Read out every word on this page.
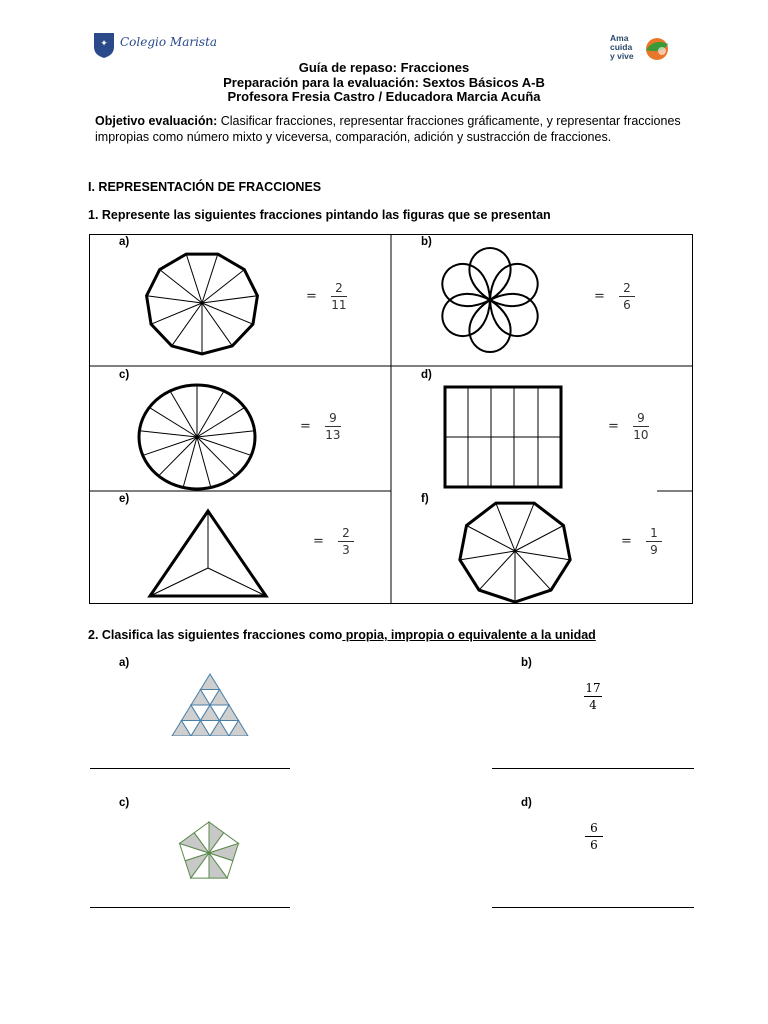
✦ Colegio Marista	Ama
cuida
y vive
Guía de repaso: Fracciones
Preparación para la evaluación: Sextos Básicos A-B
Profesora Fresia Castro / Educadora Marcia Acuña
Objetivo evaluación: Clasificar fracciones, representar fracciones gráficamente, y representar fracciones impropias como número mixto y viceversa, comparación, adición y sustracción de fracciones.
I. REPRESENTACIÓN DE FRACCIONES
1. Represente las siguientes fracciones pintando las figuras que se presentan
a)	b)
c)	d)
e)	f)
= $\frac{2}{11}$	= $\frac{2}{6}$
= $\frac{9}{13}$	= $\frac{9}{10}$
= $\frac{2}{3}$	= $\frac{1}{9}$
2. Clasifica las siguientes fracciones como propia, impropia o equivalente a la unidad
a)	b)
c)	d)
17
4
6
6
